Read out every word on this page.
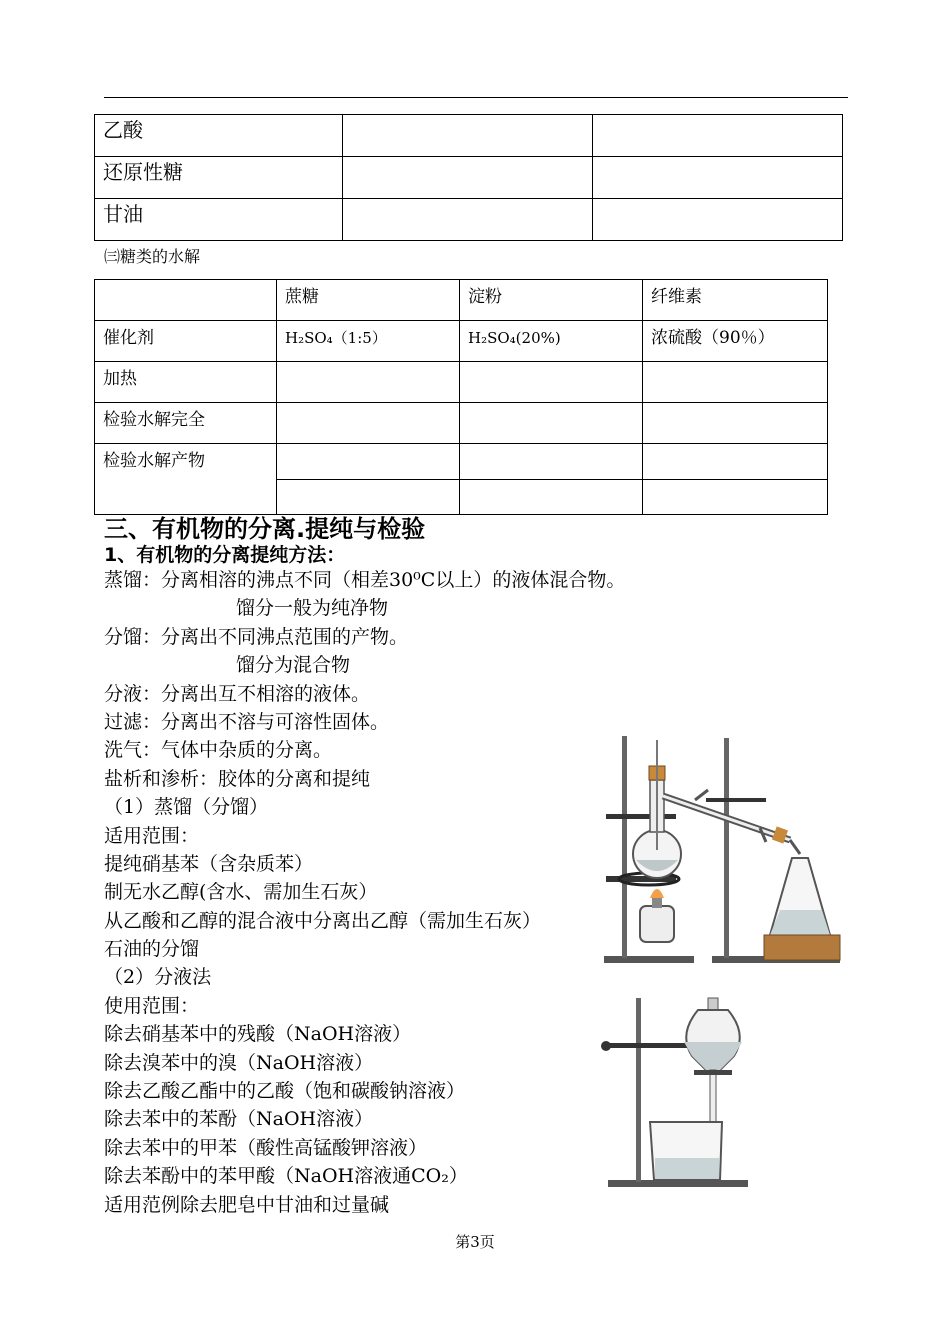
乙酸		
还原性糖		
甘油		
㈢糖类的水解
	蔗糖	淀粉	纤维素
催化剂	H₂SO₄（1:5）	H₂SO₄(20%)	浓硫酸（90％）
加热			
检验水解完全			
检验水解产物			

三、有机物的分离.提纯与检验
1、有机物的分离提纯方法：
蒸馏：分离相溶的沸点不同（相差30⁰C以上）的液体混合物。
馏分一般为纯净物
分馏：分离出不同沸点范围的产物。
馏分为混合物
分液：分离出互不相溶的液体。
过滤：分离出不溶与可溶性固体。
洗气：气体中杂质的分离。
盐析和渗析：胶体的分离和提纯
（1）蒸馏（分馏）
适用范围：
提纯硝基苯（含杂质苯）
制无水乙醇(含水、需加生石灰）
从乙酸和乙醇的混合液中分离出乙醇（需加生石灰）
石油的分馏
（2）分液法
使用范围：
除去硝基苯中的残酸（NaOH溶液）
除去溴苯中的溴（NaOH溶液）
除去乙酸乙酯中的乙酸（饱和碳酸钠溶液）
除去苯中的苯酚（NaOH溶液）
除去苯中的甲苯（酸性高锰酸钾溶液）
除去苯酚中的苯甲酸（NaOH溶液通CO₂）
适用范例除去肥皂中甘油和过量碱
第3页
